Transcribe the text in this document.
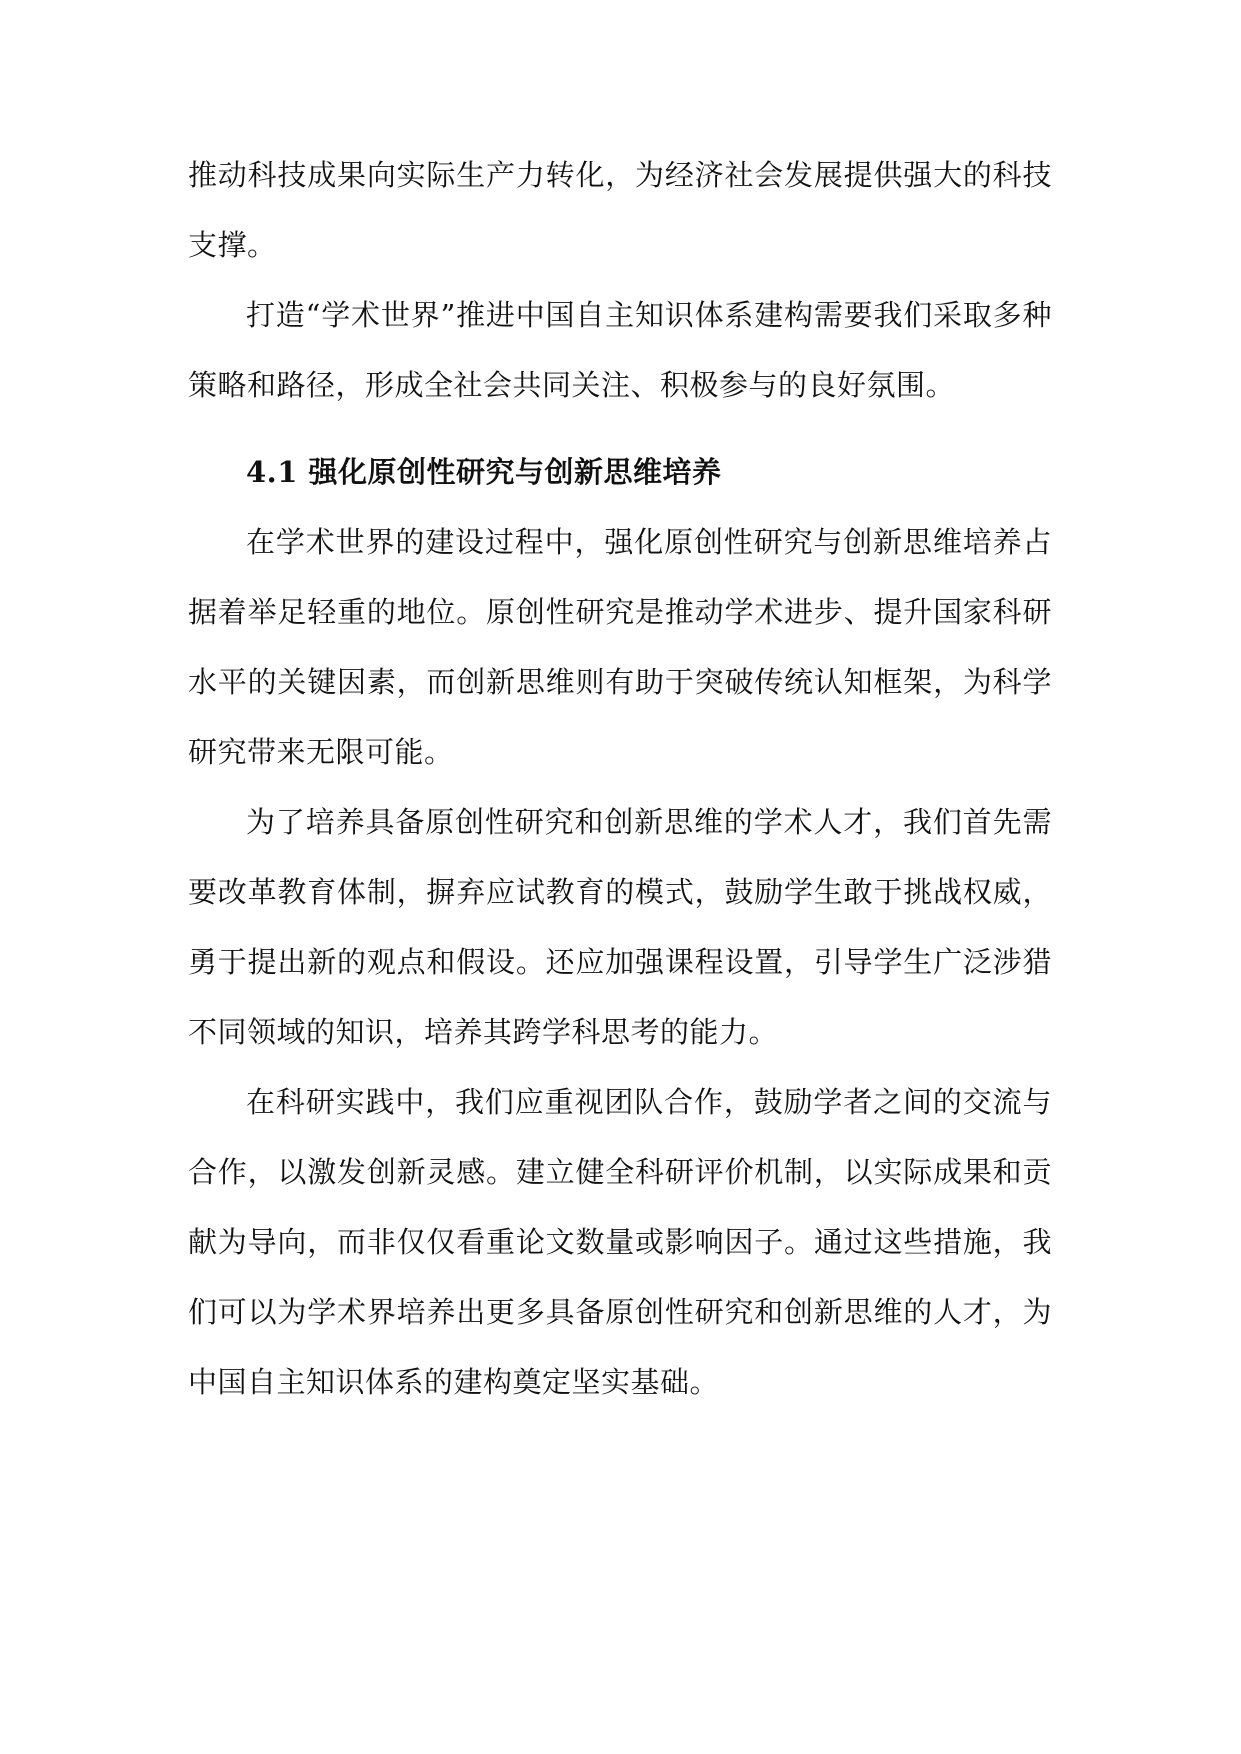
推动科技成果向实际生产力转化，为经济社会发展提供强大的科技支撑。

打造“学术世界”推进中国自主知识体系建构需要我们采取多种策略和路径，形成全社会共同关注、积极参与的良好氛围。

4.1 强化原创性研究与创新思维培养

在学术世界的建设过程中，强化原创性研究与创新思维培养占据着举足轻重的地位。原创性研究是推动学术进步、提升国家科研水平的关键因素，而创新思维则有助于突破传统认知框架，为科学研究带来无限可能。

为了培养具备原创性研究和创新思维的学术人才，我们首先需要改革教育体制，摒弃应试教育的模式，鼓励学生敢于挑战权威，勇于提出新的观点和假设。还应加强课程设置，引导学生广泛涉猎不同领域的知识，培养其跨学科思考的能力。

在科研实践中，我们应重视团队合作，鼓励学者之间的交流与合作，以激发创新灵感。建立健全科研评价机制，以实际成果和贡献为导向，而非仅仅看重论文数量或影响因子。通过这些措施，我们可以为学术界培养出更多具备原创性研究和创新思维的人才，为中国自主知识体系的建构奠定坚实基础。
